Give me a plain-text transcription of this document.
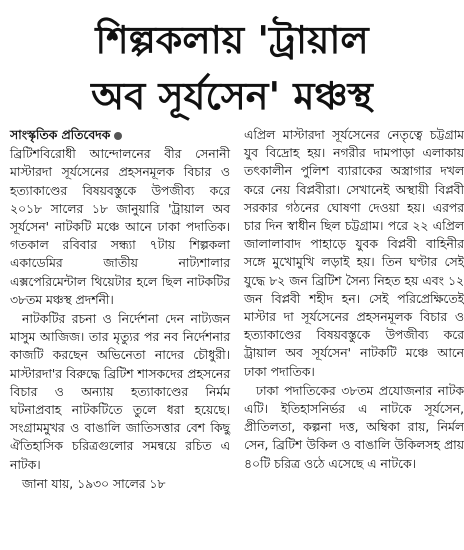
শিল্পকলায় 'ট্রায়াল
অব সূর্যসেন' মঞ্চস্থ
সাংস্কৃতিক প্রতিবেদক

ব্রিটিশবিরোধী আন্দোলনের বীর সেনানী মাস্টারদা সূর্যসেনের প্রহসনমূলক বিচার ও হত্যাকাণ্ডের বিষয়বস্তুকে উপজীব্য করে ২০১৮ সালের ১৮ জানুয়ারি 'ট্রায়াল অব সূর্যসেন' নাটকটি মঞ্চে আনে ঢাকা পদাতিক। গতকাল রবিবার সন্ধ্যা ৭টায় শিল্পকলা একাডেমির জাতীয় নাট্যশালার এক্সপেরিমেন্টাল থিয়েটার হলে ছিল নাটকটির ৩৮তম মঞ্চস্থ প্রদর্শনী।

নাটকটির রচনা ও নির্দেশনা দেন নাট্যজন মাসুম আজিজ। তার মৃত্যুর পর নব নির্দেশনার কাজটি করছেন অভিনেতা নাদের চৌধুরী। মাস্টারদা'র বিরুদ্ধে ব্রিটিশ শাসকদের প্রহসনের বিচার ও অন্যায় হত্যাকাণ্ডের নির্মম ঘটনাপ্রবাহ নাটকটিতে তুলে ধরা হয়েছে। সংগ্রামমুখর ও বাঙালি জাতিসত্তার বেশ কিছু ঐতিহাসিক চরিত্রগুলোর সমন্বয়ে রচিত এ নাটক।

জানা যায়, ১৯৩০ সালের ১৮

এপ্রিল মাস্টারদা সূর্যসেনের নেতৃত্বে চট্টগ্রাম যুব বিদ্রোহ হয়। নগরীর দামপাড়া এলাকায় তৎকালীন পুলিশ ব্যারাকের অস্ত্রাগার দখল করে নেয় বিপ্লবীরা। সেখানেই অস্থায়ী বিপ্লবী সরকার গঠনের ঘোষণা দেওয়া হয়। এরপর চার দিন স্বাধীন ছিল চট্টগ্রাম। পরে ২২ এপ্রিল জালালাবাদ পাহাড়ে যুবক বিপ্লবী বাহিনীর সঙ্গে মুখোমুখি লড়াই হয়। তিন ঘণ্টার সেই যুদ্ধে ৮২ জন ব্রিটিশ সৈন্য নিহত হয় এবং ১২ জন বিপ্লবী শহীদ হন। সেই পরিপ্রেক্ষিতেই মাস্টার দা সূর্যসেনের প্রহসনমূলক বিচার ও হত্যাকাণ্ডের বিষয়বস্তুকে উপজীব্য করে ট্রায়াল অব সূর্যসেন' নাটকটি মঞ্চে আনে ঢাকা পদাতিক।

ঢাকা পদাতিকের ৩৮তম প্রযোজনার নাটক এটি। ইতিহাসনির্ভর এ নাটকে সূর্যসেন, প্রীতিলতা, কল্পনা দত্ত, অম্বিকা রায়, নির্মল সেন, ব্রিটিশ উকিল ও বাঙালি উকিলসহ প্রায় ৪০টি চরিত্র ওঠে এসেছে এ নাটকে।
